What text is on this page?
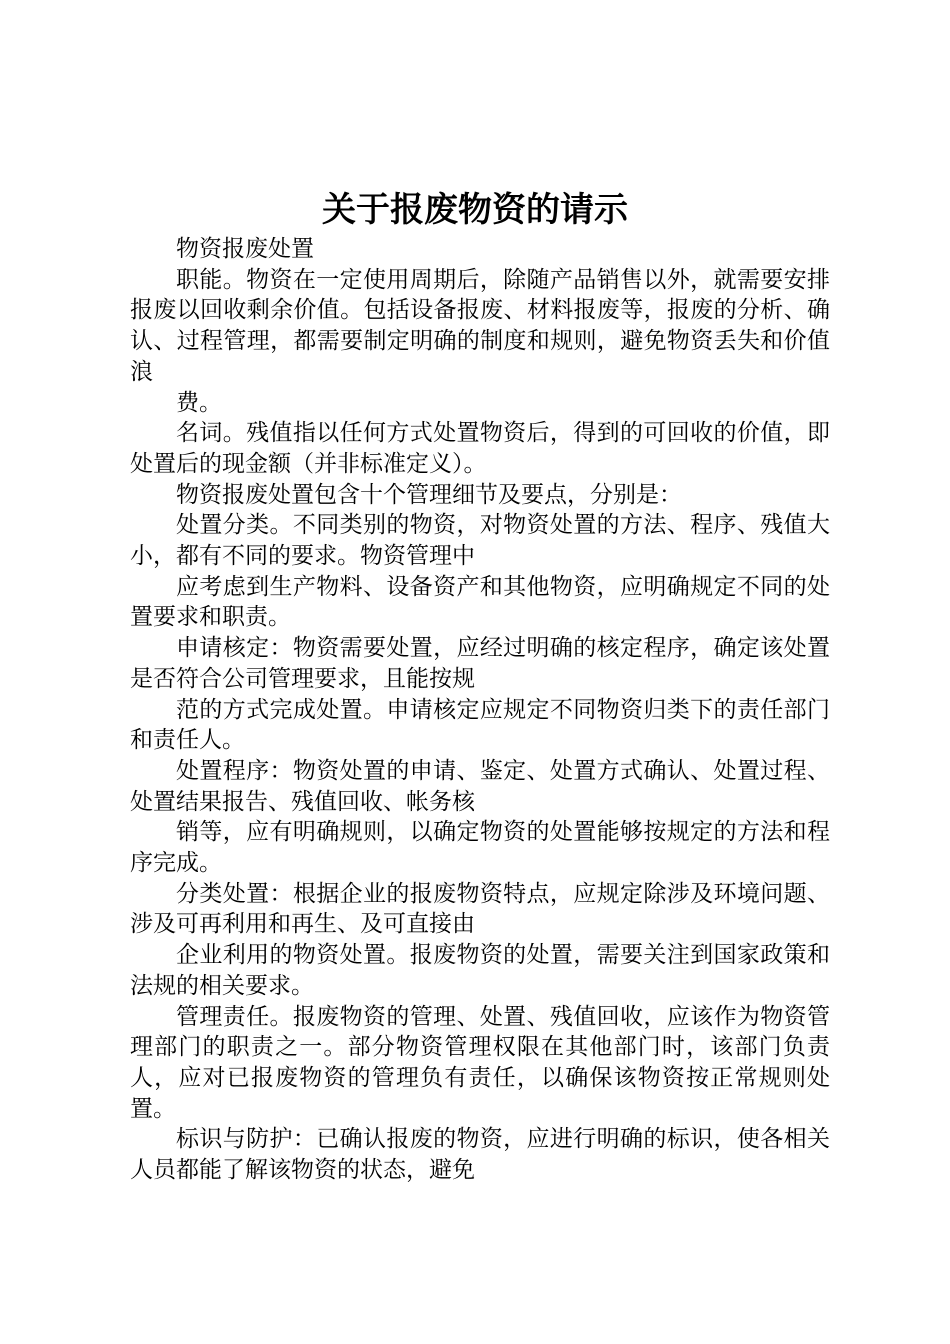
关于报废物资的请示

物资报废处置

职能。物资在一定使用周期后，除随产品销售以外，就需要安排报废以回收剩余价值。包括设备报废、材料报废等，报废的分析、确认、过程管理，都需要制定明确的制度和规则，避免物资丢失和价值浪

费。

名词。残值指以任何方式处置物资后，得到的可回收的价值，即处置后的现金额（并非标准定义）。

物资报废处置包含十个管理细节及要点，分别是：

处置分类。不同类别的物资，对物资处置的方法、程序、残值大小，都有不同的要求。物资管理中

应考虑到生产物料、设备资产和其他物资，应明确规定不同的处置要求和职责。

申请核定：物资需要处置，应经过明确的核定程序，确定该处置是否符合公司管理要求，且能按规

范的方式完成处置。申请核定应规定不同物资归类下的责任部门和责任人。

处置程序：物资处置的申请、鉴定、处置方式确认、处置过程、处置结果报告、残值回收、帐务核

销等，应有明确规则，以确定物资的处置能够按规定的方法和程序完成。

分类处置：根据企业的报废物资特点，应规定除涉及环境问题、涉及可再利用和再生、及可直接由

企业利用的物资处置。报废物资的处置，需要关注到国家政策和法规的相关要求。

管理责任。报废物资的管理、处置、残值回收，应该作为物资管理部门的职责之一。部分物资管理权限在其他部门时，该部门负责人，应对已报废物资的管理负有责任，以确保该物资按正常规则处置。

标识与防护：已确认报废的物资，应进行明确的标识，使各相关人员都能了解该物资的状态，避免
